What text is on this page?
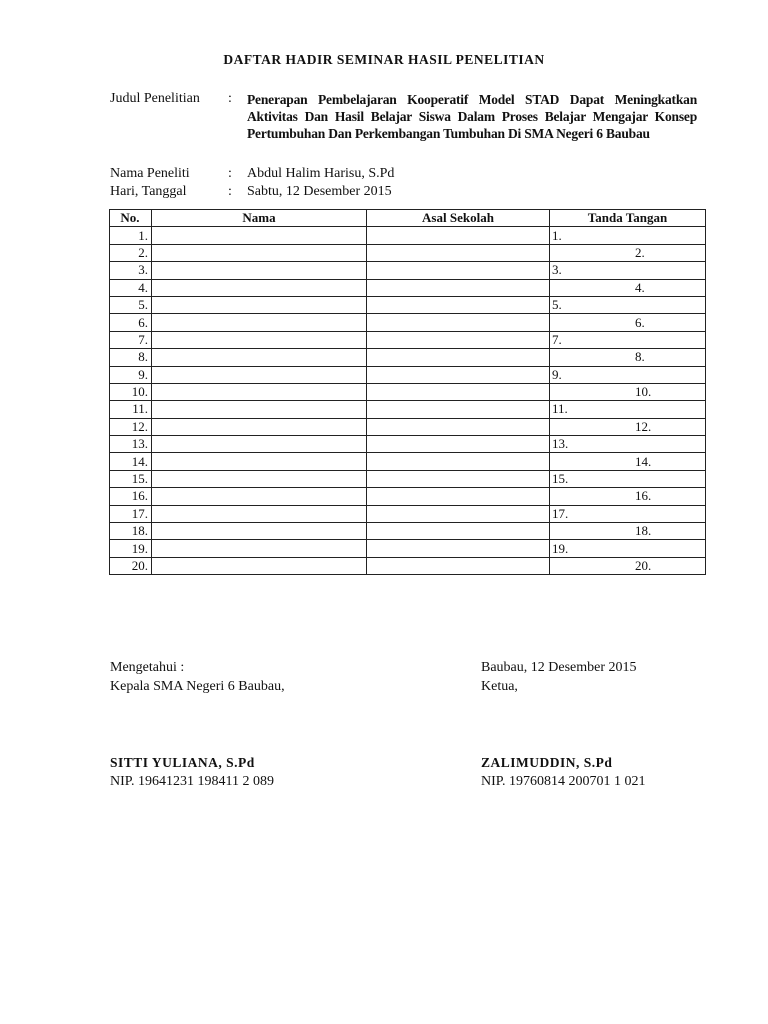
DAFTAR HADIR SEMINAR HASIL PENELITIAN
Judul Penelitian : Penerapan Pembelajaran Kooperatif Model STAD Dapat Meningkatkan Aktivitas Dan Hasil Belajar Siswa Dalam Proses Belajar Mengajar Konsep Pertumbuhan Dan Perkembangan Tumbuhan Di SMA Negeri 6 Baubau
Nama Peneliti	: Abdul Halim Harisu, S.Pd
Hari, Tanggal	: Sabtu, 12 Desember 2015
No.	Nama	Asal Sekolah	Tanda Tangan
1.			1.
2.			2.
3.			3.
4.			4.
5.			5.
6.			6.
7.			7.
8.			8.
9.			9.
10.			10.
11.			11.
12.			12.
13.			13.
14.			14.
15.			15.
16.			16.
17.			17.
18.			18.
19.			19.
20.			20.
Mengetahui :
Kepala SMA Negeri 6 Baubau,
SITTI YULIANA, S.Pd
NIP. 19641231 198411 2 089
Baubau, 12 Desember 2015
Ketua,
ZALIMUDDIN, S.Pd
NIP. 19760814 200701 1 021
